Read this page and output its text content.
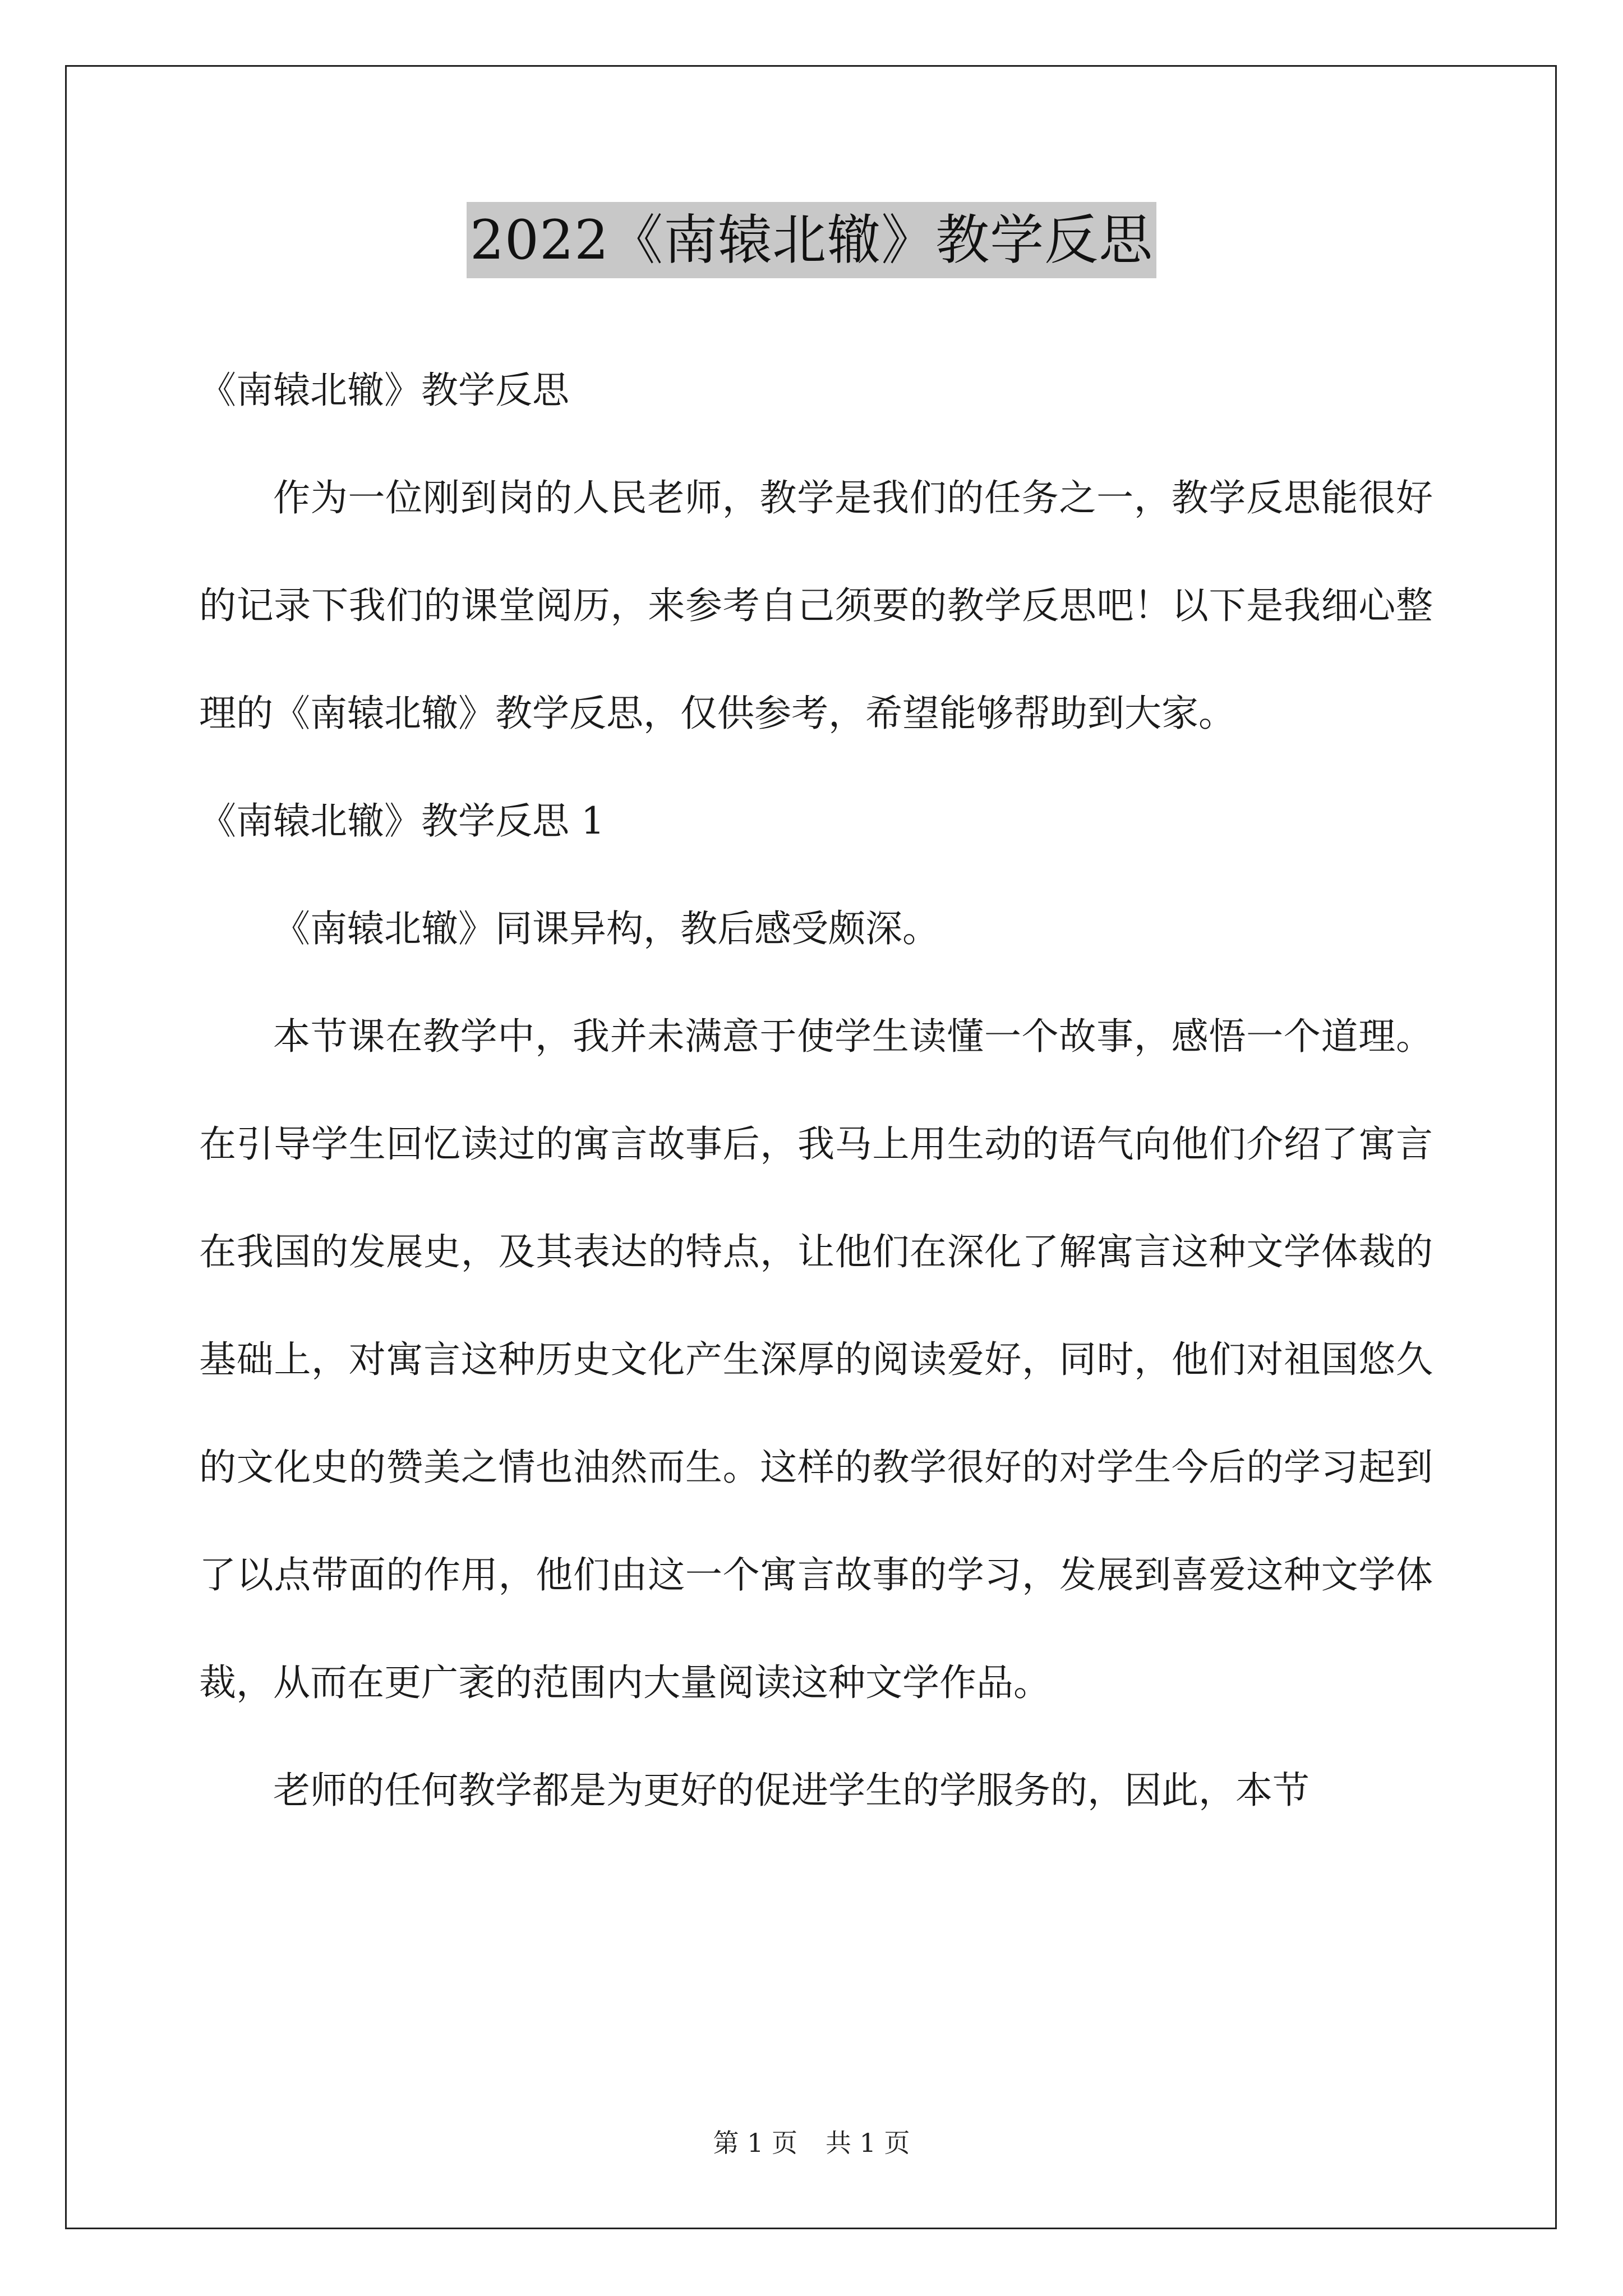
2022《南辕北辙》教学反思

《南辕北辙》教学反思

作为一位刚到岗的人民老师，教学是我们的任务之一，教学反思能很好的记录下我们的课堂阅历，来参考自己须要的教学反思吧！以下是我细心整理的《南辕北辙》教学反思，仅供参考，希望能够帮助到大家。

《南辕北辙》教学反思 1

《南辕北辙》同课异构，教后感受颇深。

本节课在教学中，我并未满意于使学生读懂一个故事，感悟一个道理。在引导学生回忆读过的寓言故事后，我马上用生动的语气向他们介绍了寓言在我国的发展史，及其表达的特点，让他们在深化了解寓言这种文学体裁的基础上，对寓言这种历史文化产生深厚的阅读爱好，同时，他们对祖国悠久的文化史的赞美之情也油然而生。这样的教学很好的对学生今后的学习起到了以点带面的作用，他们由这一个寓言故事的学习，发展到喜爱这种文学体裁，从而在更广袤的范围内大量阅读这种文学作品。

老师的任何教学都是为更好的促进学生的学服务的，因此，本节

第 1 页 共 1 页
